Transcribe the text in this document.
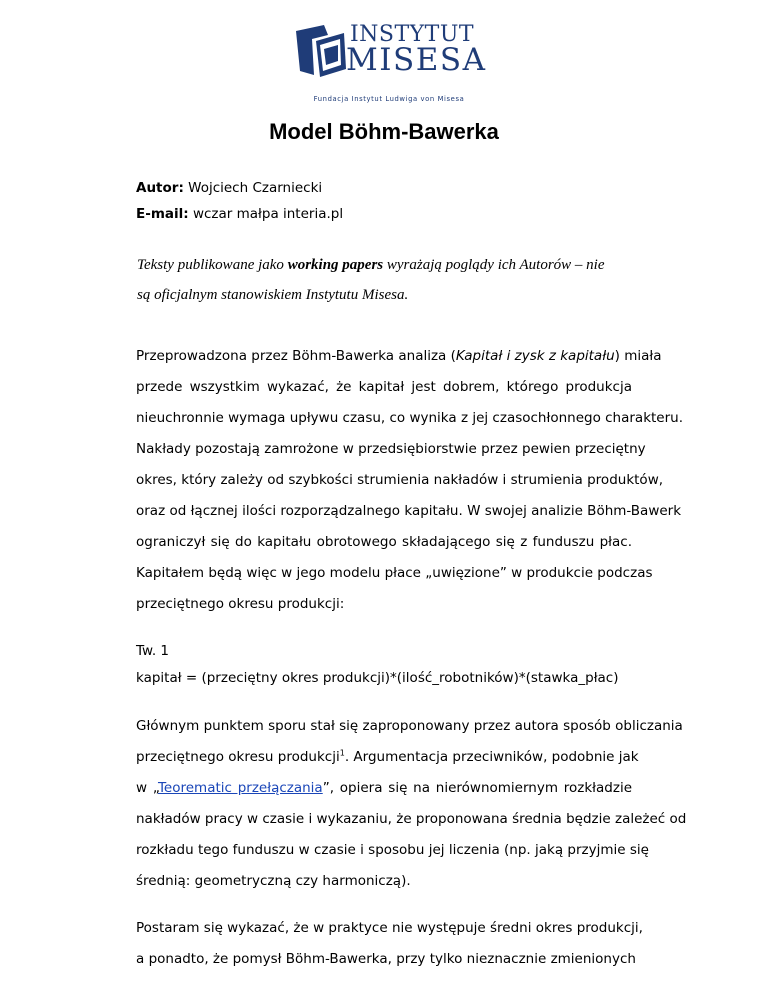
INSTYTUT
MISESA
Fundacja Instytut Ludwiga von Misesa
Model Böhm-Bawerka
Autor: Wojciech Czarniecki
E-mail: wczar małpa interia.pl
Teksty publikowane jako working papers wyrażają poglądy ich Autorów – nie są oficjalnym stanowiskiem Instytutu Misesa.
Przeprowadzona przez Böhm-Bawerka analiza (Kapitał i zysk z kapitału) miała
przede wszystkim wykazać, że kapitał jest dobrem, którego produkcja
nieuchronnie wymaga upływu czasu, co wynika z jej czasochłonnego charakteru.
Nakłady pozostają zamrożone w przedsiębiorstwie przez pewien przeciętny
okres, który zależy od szybkości strumienia nakładów i strumienia produktów,
oraz od łącznej ilości rozporządzalnego kapitału. W swojej analizie Böhm-Bawerk
ograniczył się do kapitału obrotowego składającego się z funduszu płac.
Kapitałem będą więc w jego modelu płace „uwięzione” w produkcie podczas
przeciętnego okresu produkcji:
Tw. 1
kapitał = (przeciętny okres produkcji)*(ilość_robotników)*(stawka_płac)
Głównym punktem sporu stał się zaproponowany przez autora sposób obliczania
przeciętnego okresu produkcji$^1$. Argumentacja przeciwników, podobnie jak
w „Teorematic przełączania”, opiera się na nierównomiernym rozkładzie
nakładów pracy w czasie i wykazaniu, że proponowana średnia będzie zależeć od
rozkładu tego funduszu w czasie i sposobu jej liczenia (np. jaką przyjmie się
średnią: geometryczną czy harmoniczą).
Postaram się wykazać, że w praktyce nie występuje średni okres produkcji,
a ponadto, że pomysł Böhm-Bawerka, przy tylko nieznacznie zmienionych
